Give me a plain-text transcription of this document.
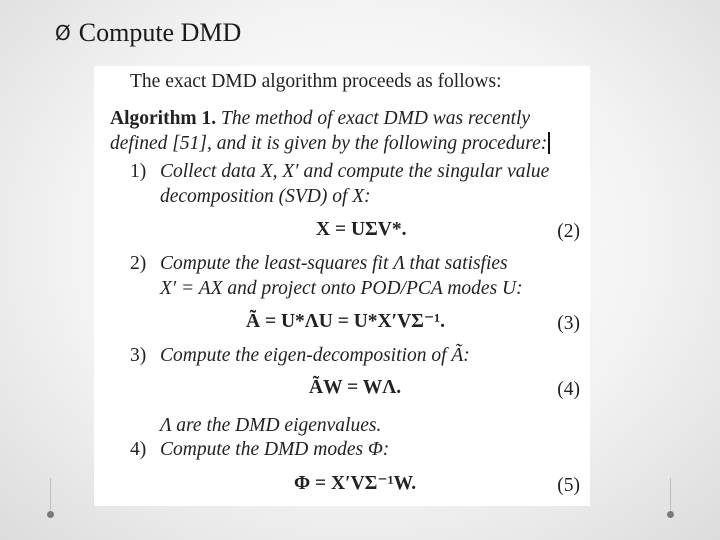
Ø Compute DMD
The exact DMD algorithm proceeds as follows:
Algorithm 1. The method of exact DMD was recently
defined [51], and it is given by the following procedure:
1) Collect data X, X′ and compute the singular value
decomposition (SVD) of X:
X = UΣV*.	(2)
2) Compute the least-squares fit Λ that satisfies
X′ = AX and project onto POD/PCA modes U:
Ã = U*ΛU = U*X′VΣ⁻¹.	(3)
3) Compute the eigen-decomposition of Ã:
ÃW = WΛ.	(4)
Λ are the DMD eigenvalues.
4) Compute the DMD modes Φ:
Φ = X′VΣ⁻¹W.	(5)
